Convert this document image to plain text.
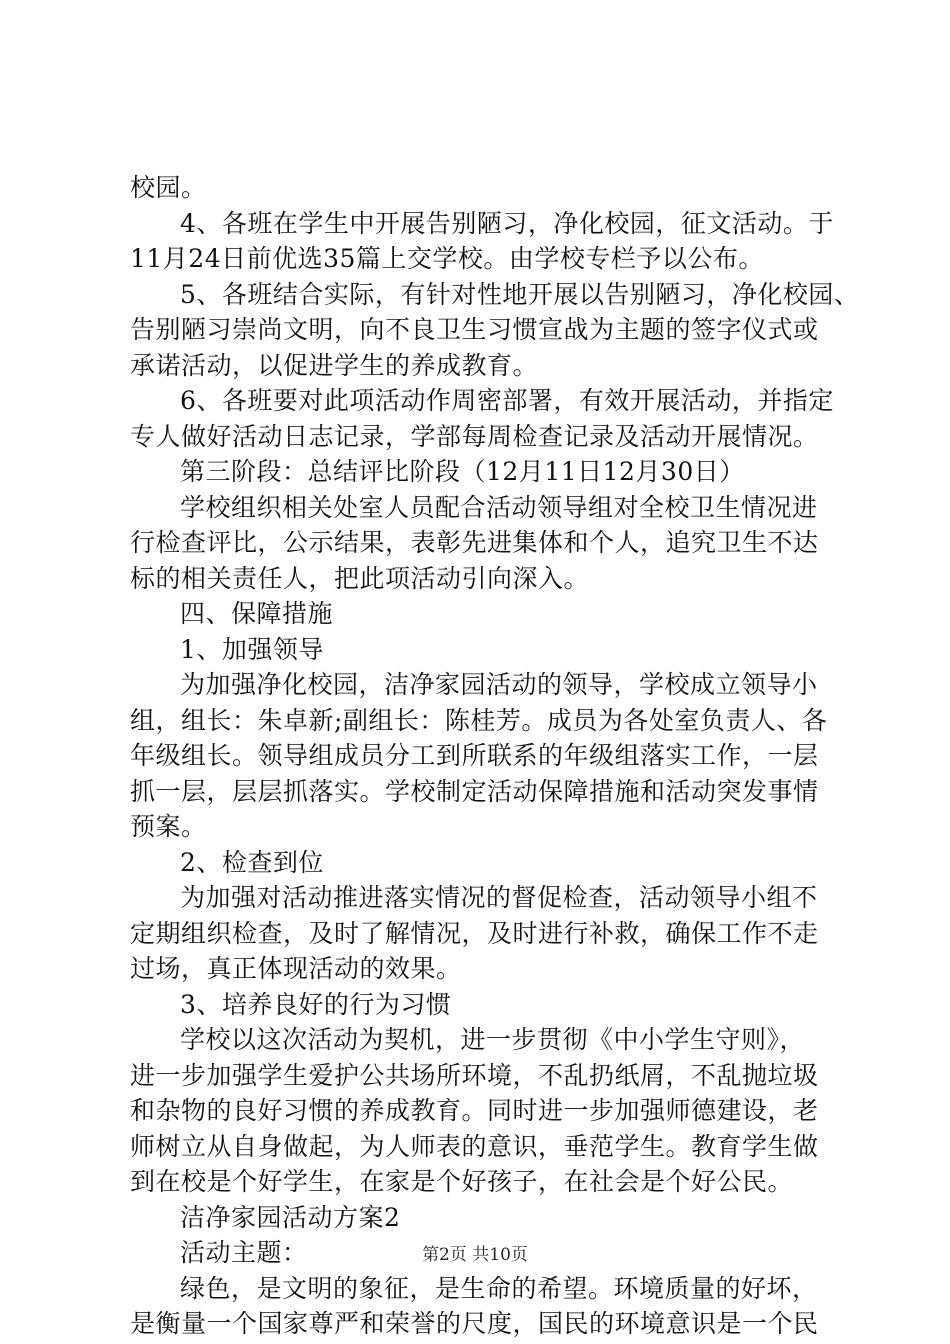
校园。
4、各班在学生中开展告别陋习，净化校园，征文活动。于
11月24日前优选35篇上交学校。由学校专栏予以公布。
5、各班结合实际，有针对性地开展以告别陋习，净化校园、
告别陋习崇尚文明，向不良卫生习惯宣战为主题的签字仪式或
承诺活动，以促进学生的养成教育。
6、各班要对此项活动作周密部署，有效开展活动，并指定
专人做好活动日志记录，学部每周检查记录及活动开展情况。
第三阶段：总结评比阶段（12月11日12月30日）
学校组织相关处室人员配合活动领导组对全校卫生情况进
行检查评比，公示结果，表彰先进集体和个人，追究卫生不达
标的相关责任人，把此项活动引向深入。
四、保障措施
1、加强领导
为加强净化校园，洁净家园活动的领导，学校成立领导小
组，组长：朱卓新;副组长：陈桂芳。成员为各处室负责人、各
年级组长。领导组成员分工到所联系的年级组落实工作，一层
抓一层，层层抓落实。学校制定活动保障措施和活动突发事情
预案。
2、检查到位
为加强对活动推进落实情况的督促检查，活动领导小组不
定期组织检查，及时了解情况，及时进行补救，确保工作不走
过场，真正体现活动的效果。
3、培养良好的行为习惯
学校以这次活动为契机，进一步贯彻《中小学生守则》，
进一步加强学生爱护公共场所环境，不乱扔纸屑，不乱抛垃圾
和杂物的良好习惯的养成教育。同时进一步加强师德建设，老
师树立从自身做起，为人师表的意识，垂范学生。教育学生做
到在校是个好学生，在家是个好孩子，在社会是个好公民。
洁净家园活动方案2
活动主题：
绿色，是文明的象征，是生命的希望。环境质量的好坏，
是衡量一个国家尊严和荣誉的尺度，国民的环境意识是一个民
第2页 共10页
